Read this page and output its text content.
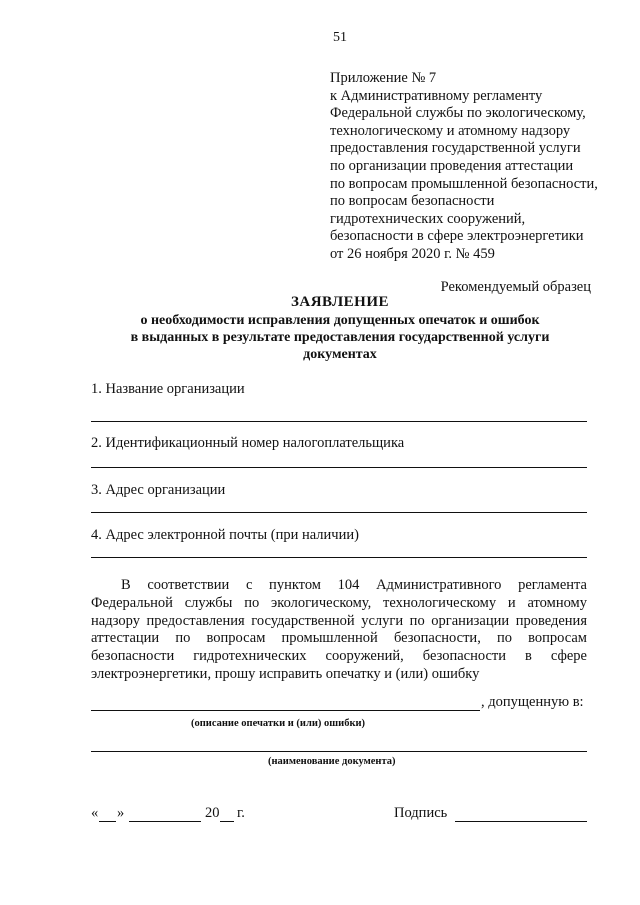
51
Приложение № 7
к Административному регламенту
Федеральной службы по экологическому,
технологическому и атомному надзору
предоставления государственной услуги
по организации проведения аттестации
по вопросам промышленной безопасности,
по вопросам безопасности
гидротехнических сооружений,
безопасности в сфере электроэнергетики
от 26 ноября 2020 г. № 459
Рекомендуемый образец
ЗАЯВЛЕНИЕ
о необходимости исправления допущенных опечаток и ошибок
в выданных в результате предоставления государственной услуги
документах
1. Название организации
2. Идентификационный номер налогоплательщика
3. Адрес организации
4. Адрес электронной почты (при наличии)
В соответствии с пунктом 104 Административного регламента Федеральной службы по экологическому, технологическому и атомному надзору предоставления государственной услуги по организации проведения аттестации по вопросам промышленной безопасности, по вопросам безопасности гидротехнических сооружений, безопасности в сфере электроэнергетики, прошу исправить опечатку и (или) ошибку
, допущенную в:
(описание опечатки и (или) ошибки)
(наименование документа)
« »	20 г.	Подпись
